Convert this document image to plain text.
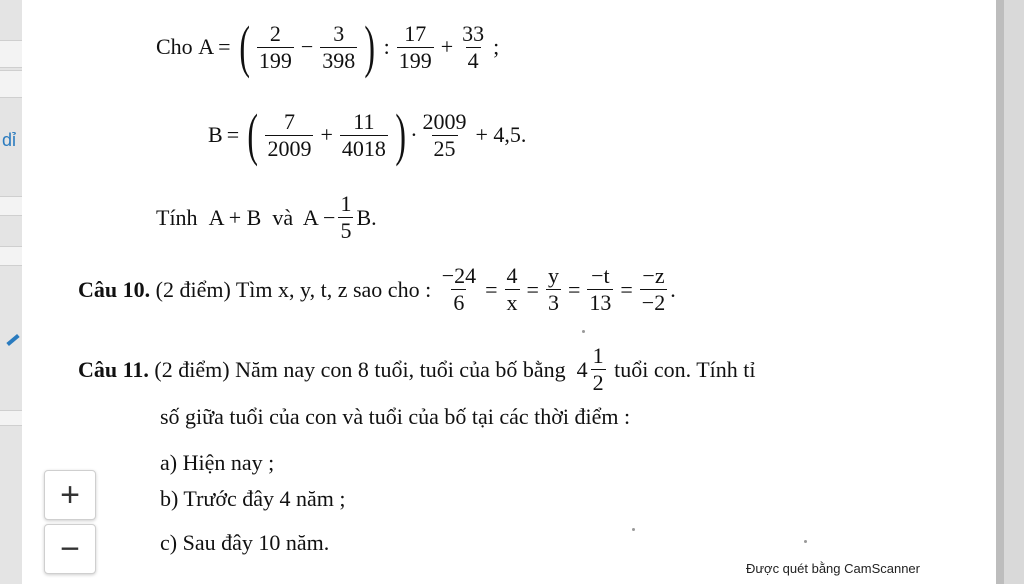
dỉ
Cho
A = ( $\frac{2}{199} - \frac{3}{398}$ ) : $\frac{17}{199} + \frac{33}{4}$ ;
B = ( $\frac{7}{2009} + \frac{11}{4018}$ ) · $\frac{2009}{25} + 4,5$.
Tính
A + B  và  $A - \frac{1}{5} B$.
Câu 10.
(2 điểm) Tìm x, y, t, z sao cho :
$\frac{-24}{6} = \frac{4}{x} = \frac{y}{3} = \frac{-t}{13} = \frac{-z}{-2}$ .
Câu 11.
(2 điểm) Năm nay con 8 tuổi, tuổi của bố bằng
$4 \frac{1}{2}$
tuổi con. Tính tỉ
số giữa tuổi của con và tuổi của bố tại các thời điểm :
a) Hiện nay ;
b) Trước đây 4 năm ;
c) Sau đây 10 năm.
Được quét bằng CamScanner
+
−
